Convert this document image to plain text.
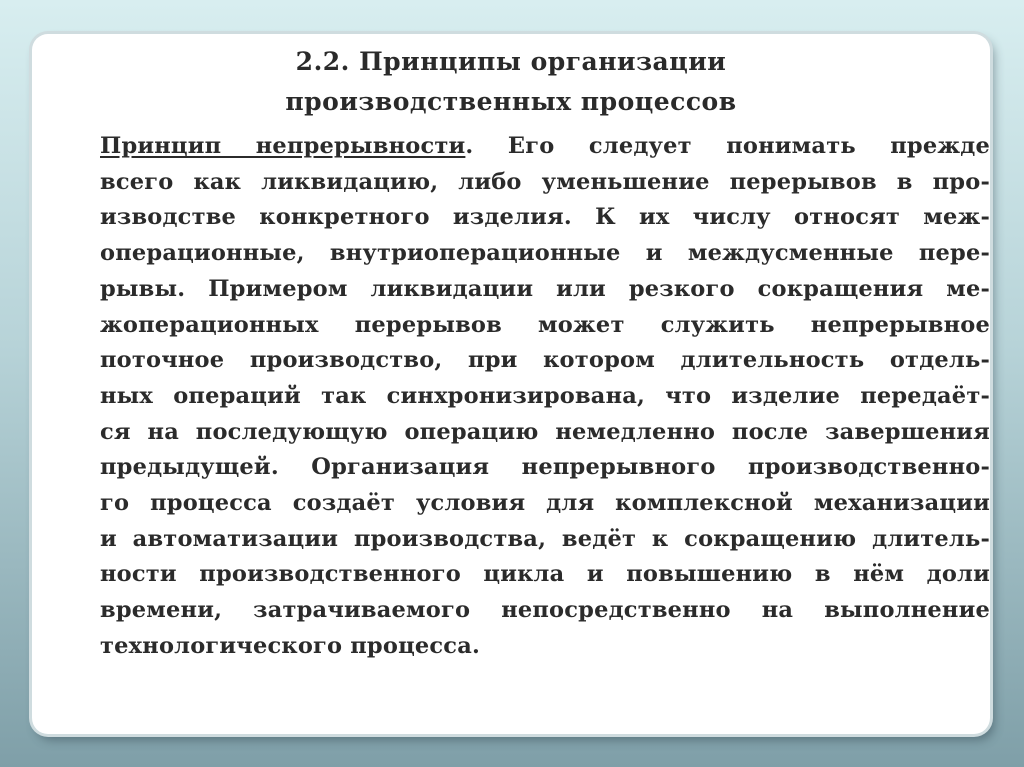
2.2. Принципы организации
производственных процессов
Принцип непрерывности. Его следует понимать прежде
всего как ликвидацию, либо уменьшение перерывов в про-
изводстве конкретного изделия. К их числу относят меж-
операционные, внутриоперационные и междусменные пере-
рывы. Примером ликвидации или резкого сокращения ме-
жоперационных перерывов может служить непрерывное
поточное производство, при котором длительность отдель-
ных операций так синхронизирована, что изделие передаёт-
ся на последующую операцию немедленно после завершения
предыдущей. Организация непрерывного производственно-
го процесса создаёт условия для комплексной механизации
и автоматизации производства, ведёт к сокращению длитель-
ности производственного цикла и повышению в нём доли
времени, затрачиваемого непосредственно на выполнение
технологического процесса.
